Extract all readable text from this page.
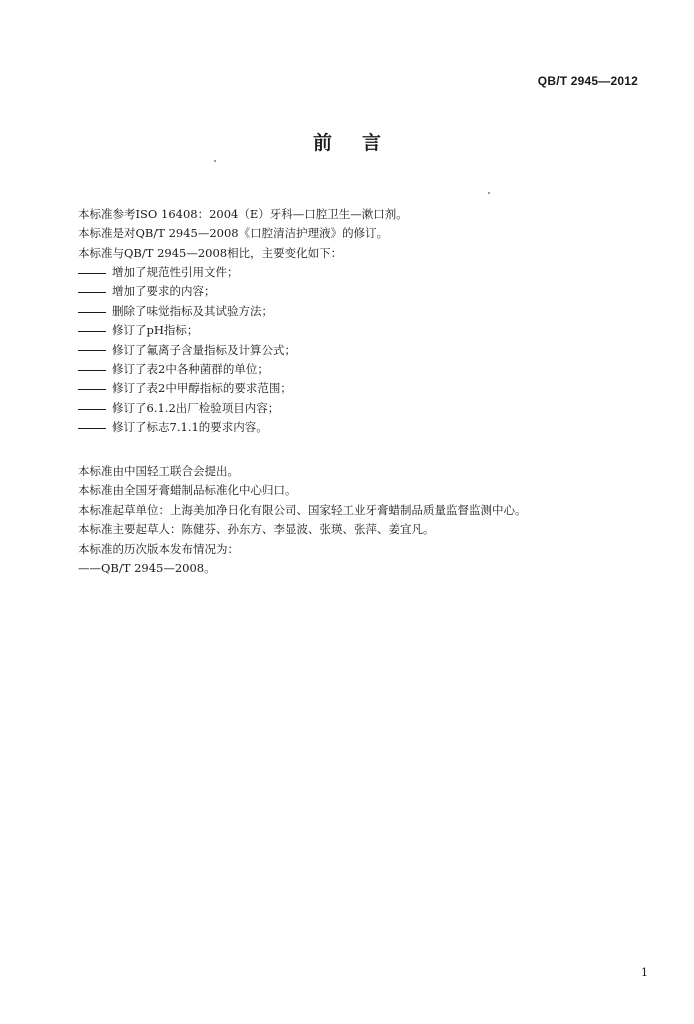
QB/T 2945—2012
前言
本标准参考ISO 16408：2004（E）牙科—口腔卫生—漱口剂。
本标准是对QB/T 2945—2008《口腔清洁护理液》的修订。
本标准与QB/T 2945—2008相比，主要变化如下：
增加了规范性引用文件；
增加了要求的内容；
删除了味觉指标及其试验方法；
修订了pH指标；
修订了氟离子含量指标及计算公式；
修订了表2中各种菌群的单位；
修订了表2中甲醇指标的要求范围；
修订了6.1.2出厂检验项目内容；
修订了标志7.1.1的要求内容。
本标准由中国轻工联合会提出。
本标准由全国牙膏蜡制品标准化中心归口。
本标准起草单位：上海美加净日化有限公司、国家轻工业牙膏蜡制品质量监督监测中心。
本标准主要起草人：陈健芬、孙东方、李显波、张瑛、张萍、姜宜凡。
本标准的历次版本发布情况为：
——QB/T 2945—2008。
1
